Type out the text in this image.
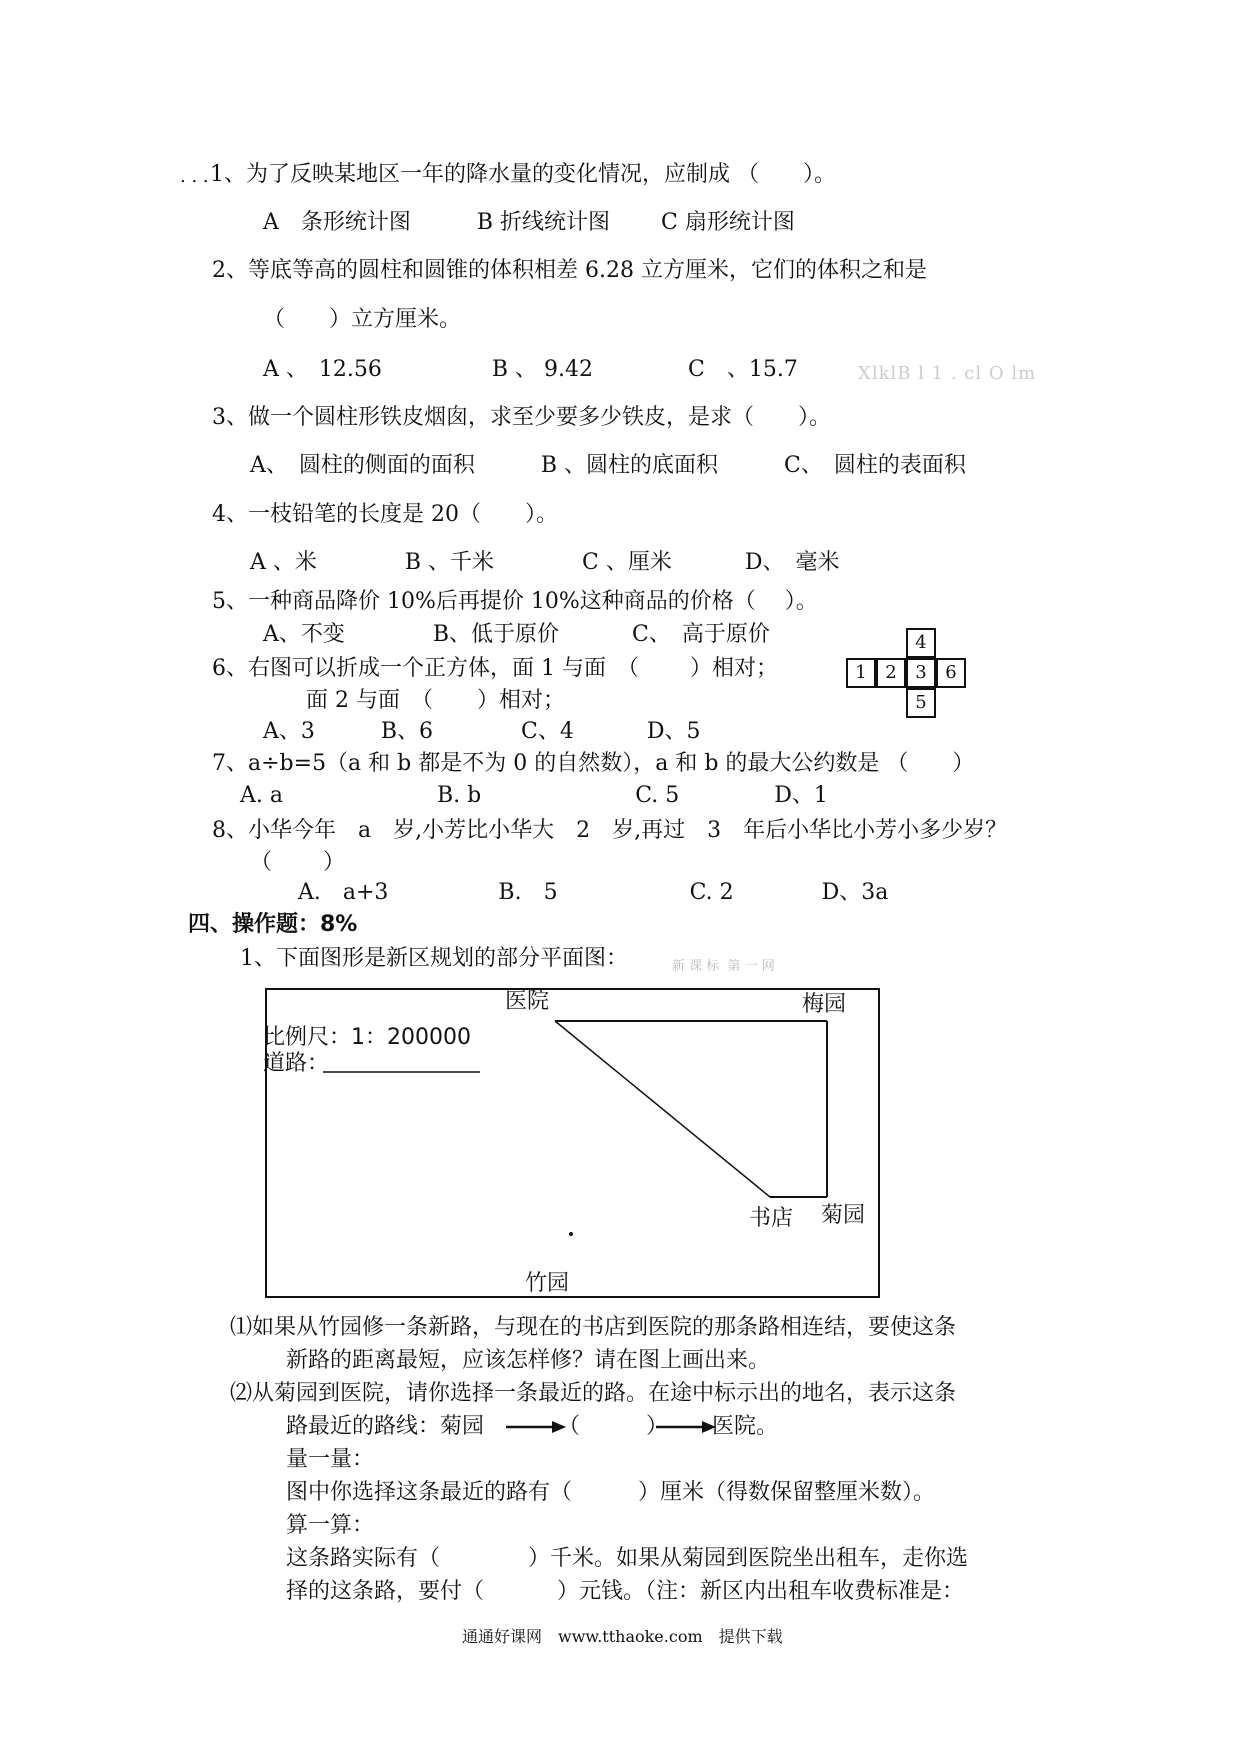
. . . 1、为了反映某地区一年的降水量的变化情况，应制成 （　　）。
A　条形统计图　　　B 折线统计图　　 C 扇形统计图
2、等底等高的圆柱和圆锥的体积相差 6.28 立方厘米，它们的体积之和是
（　　）立方厘米。
A 、　12.56　　　　　B 、 9.42　　　　 C　、15.7	XlklB l 1 . cl O lm
3、做一个圆柱形铁皮烟囱，求至少要多少铁皮，是求（　　）。
A、　圆柱的侧面的面积　　　B 、圆柱的底面积　　　C、　圆柱的表面积
4、一枝铅笔的长度是 20（　　）。
A 、米　　　　B 、千米　　　　C 、厘米　　　 D、　毫米
5、一种商品降价 10%后再提价 10%这种商品的价格（　 ）。
A、不变　　　　B、低于原价　　　 C、　高于原价
6、右图可以折成一个正方体，面 1 与面　（　　 ）相对；
面 2 与面　（　　）相对；
A、3　　　B、6　　　　C、4　　　 D、5
4
1	2	3	6
5
7、a÷b=5（a 和 b 都是不为 0 的自然数），a 和 b 的最大公约数是 （　　）
A. a　　　　　　　B. b　　　　　　　C. 5　　　　 D、1
8、小华今年　a　岁,小芳比小华大　2　岁,再过　3　年后小华比小芳小多少岁？
（　　 ）
A.　a+3　　　　　B.　5　　　　　　C. 2　　　　D、3a
四、操作题：8%
1、下面图形是新区规划的部分平面图：	新 课 标  第 一 网
医院	梅园
比例尺：1：200000
道路：
书店 菊园
竹园
⑴如果从竹园修一条新路，与现在的书店到医院的那条路相连结，要使这条
新路的距离最短，应该怎样修？请在图上画出来。
⑵从菊园到医院，请你选择一条最近的路。在途中标示出的地名，表示这条
路最近的路线：菊园	（　　　） 医院。
量一量：
图中你选择这条最近的路有（　　　）厘米（得数保留整厘米数）。
算一算：
这条路实际有（　　　　）千米。如果从菊园到医院坐出租车，走你选
择的这条路，要付（　　　 ）元钱。（注：新区内出租车收费标准是：
通通好课网　www.tthaoke.com　提供下载
